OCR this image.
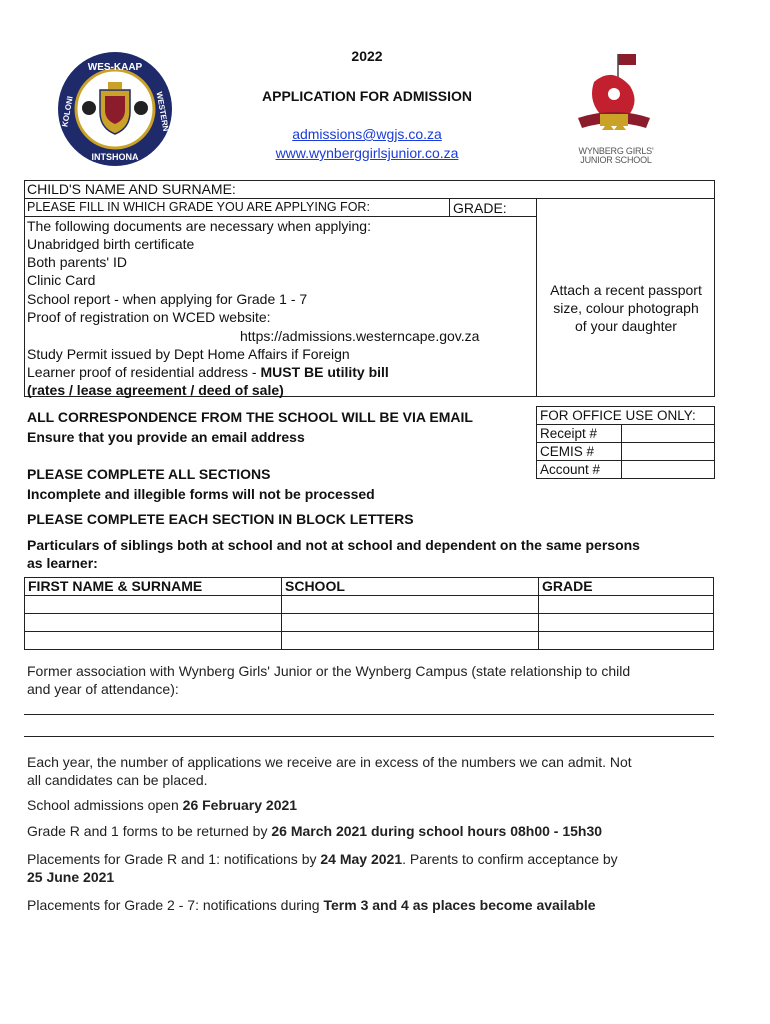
WES-KAAP
INTSHONA
KOLONI	WESTERN
2022
APPLICATION FOR ADMISSION
admissions@wgjs.co.za
www.wynberggirlsjunior.co.za	WYNBERG GIRLS'
JUNIOR SCHOOL
CHILD'S NAME AND SURNAME:
PLEASE FILL IN WHICH GRADE YOU ARE APPLYING FOR:	GRADE:
The following documents are necessary when applying:
Unabridged birth certificate
Both parents' ID
Clinic Card
School report - when applying for Grade 1 - 7
Proof of registration on WCED website:
https://admissions.westerncape.gov.za
Study Permit issued by Dept Home Affairs if Foreign
Learner proof of residential address - MUST BE utility bill
(rates / lease agreement / deed of sale)
Attach a recent passport
size, colour photograph
of your daughter
ALL CORRESPONDENCE FROM THE SCHOOL WILL BE VIA EMAIL
Ensure that you provide an email address
PLEASE COMPLETE ALL SECTIONS
Incomplete and illegible forms will not be processed
FOR OFFICE USE ONLY:	
Receipt #	
CEMIS #	
Account #	
PLEASE COMPLETE EACH SECTION IN BLOCK LETTERS
Particulars of siblings both at school and not at school and dependent on the same persons
as learner:
FIRST NAME & SURNAME	SCHOOL	GRADE

Former association with Wynberg Girls' Junior or the Wynberg Campus (state relationship to child
and year of attendance):
Each year, the number of applications we receive are in excess of the numbers we can admit. Not
all candidates can be placed.
School admissions open 26 February 2021
Grade R and 1 forms to be returned by 26 March 2021 during school hours 08h00 - 15h30
Placements for Grade R and 1: notifications by 24 May 2021. Parents to confirm acceptance by
25 June 2021
Placements for Grade 2 - 7: notifications during Term 3 and 4 as places become available
